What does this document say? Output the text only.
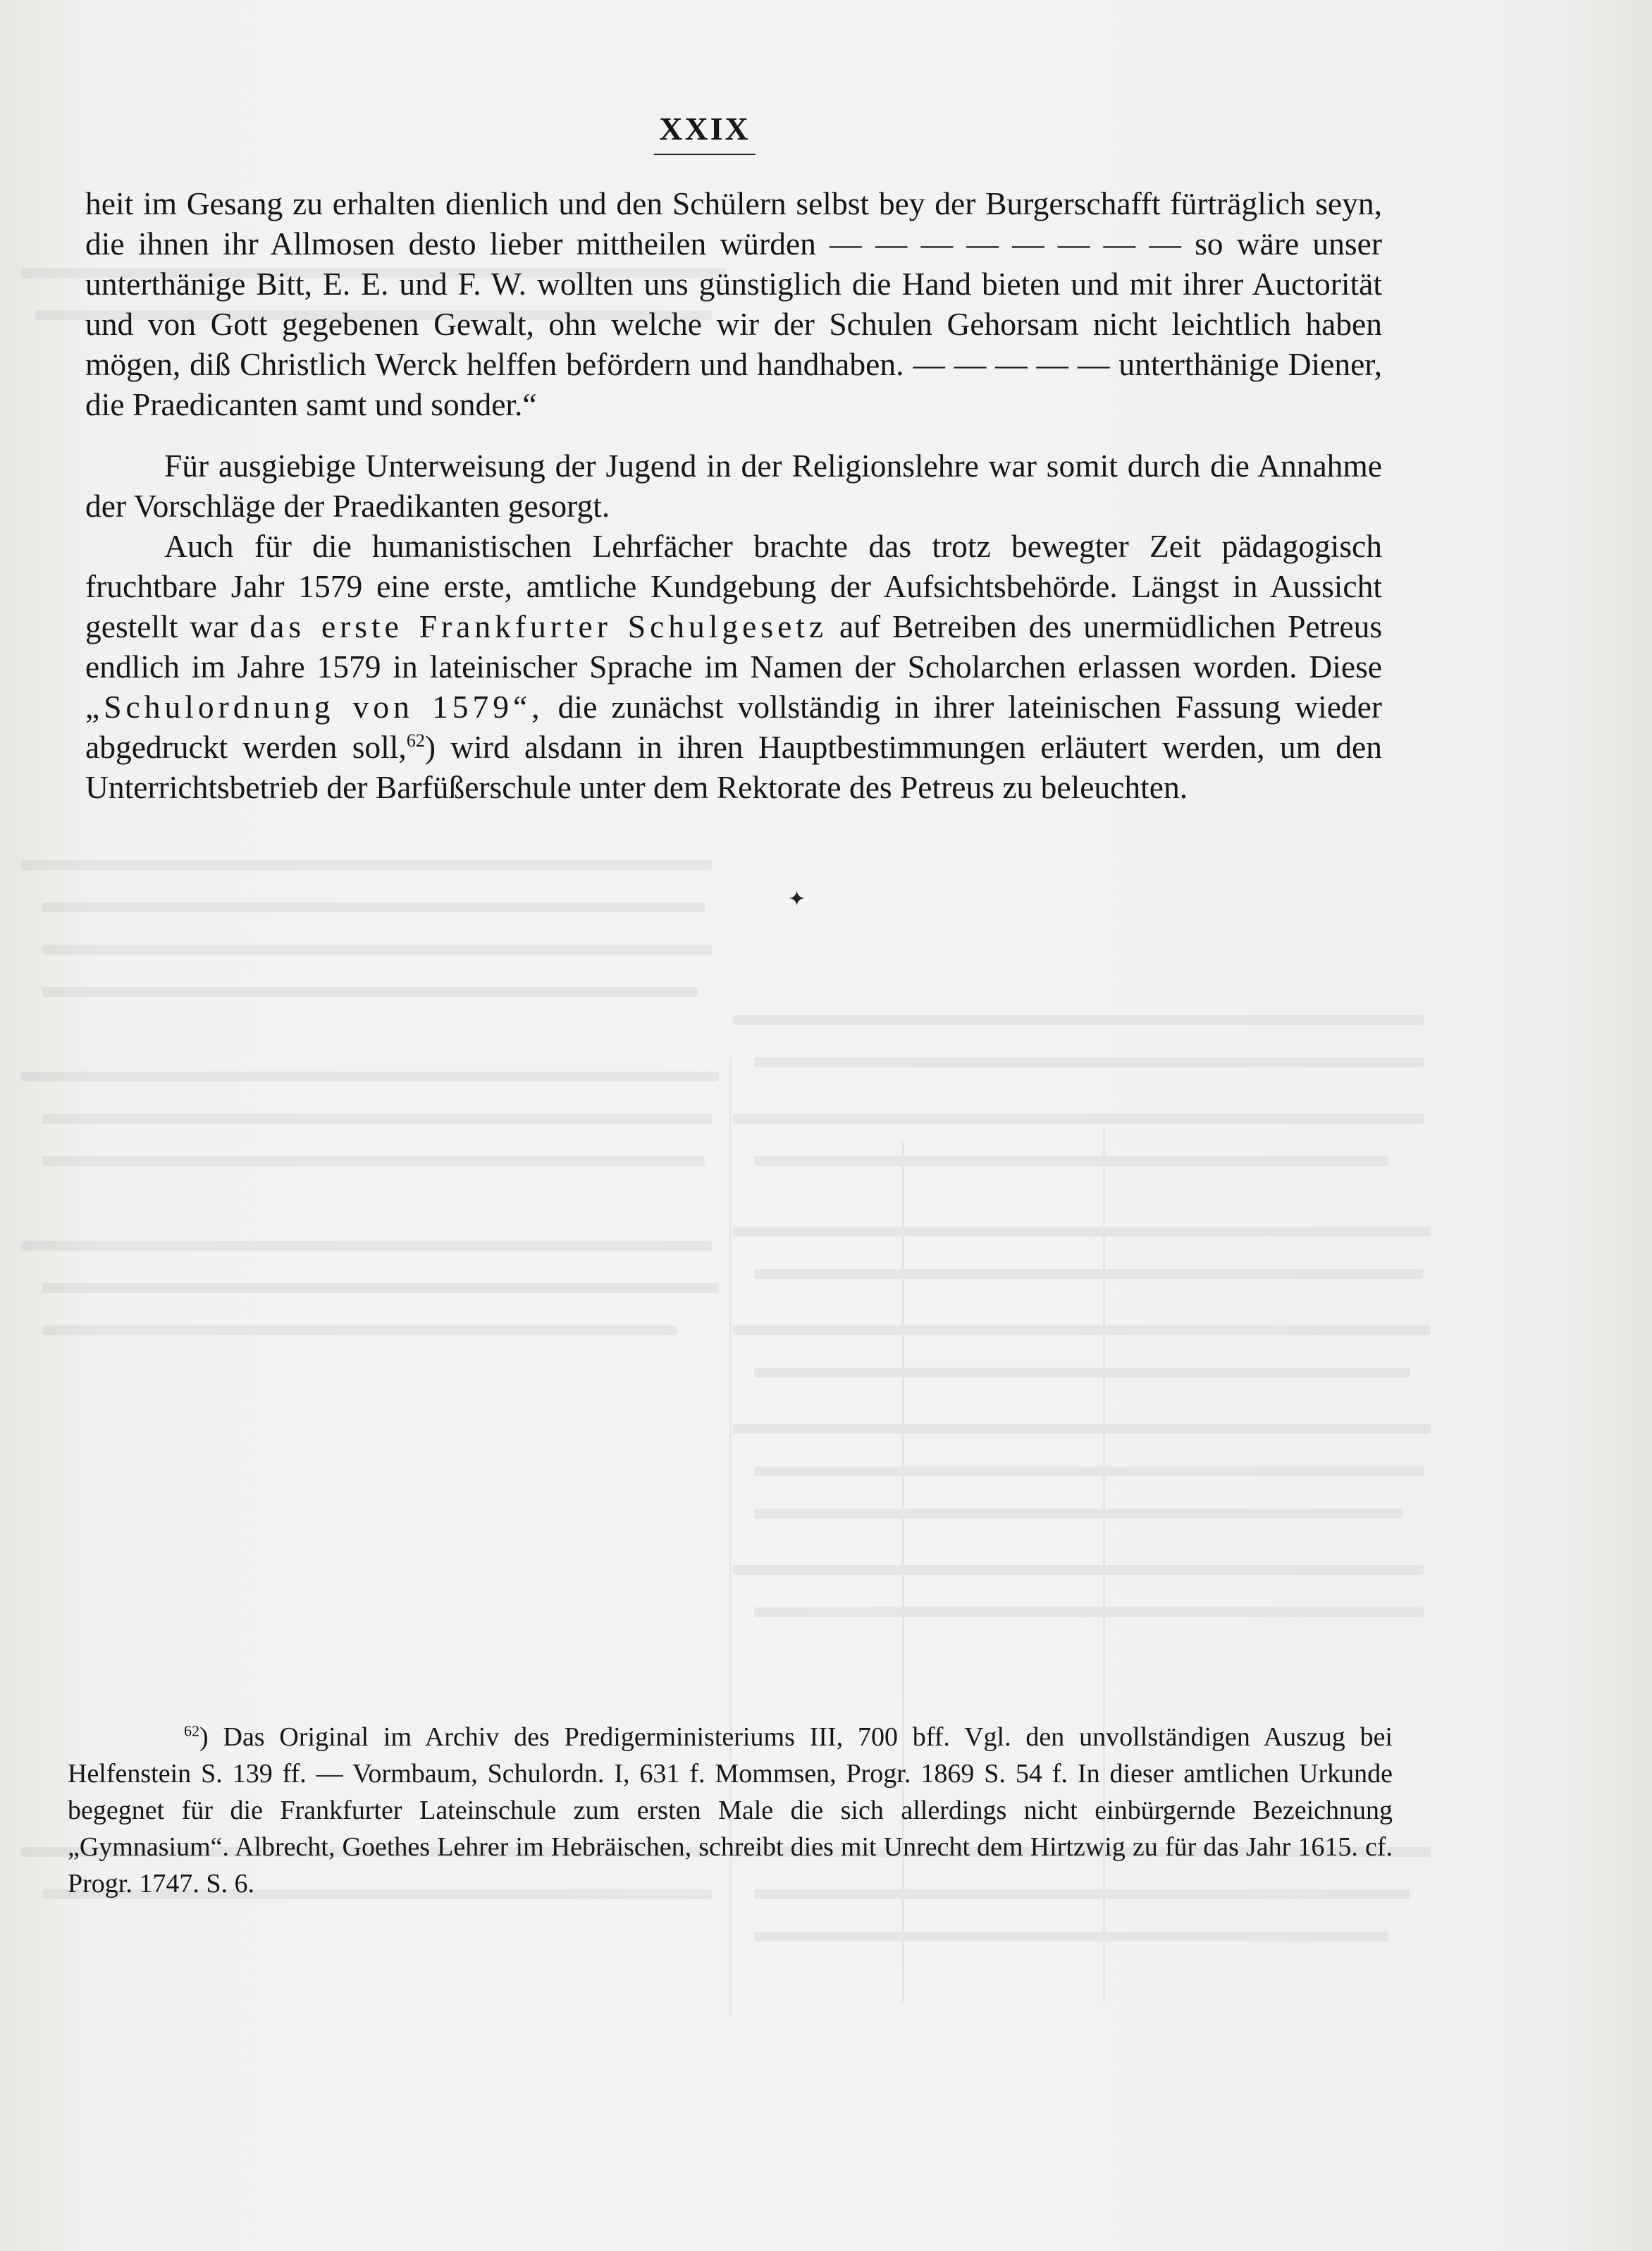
XXIX

heit im Gesang zu erhalten dienlich und den Schülern selbst bey der Burgerschafft fürträglich seyn, die ihnen ihr Allmosen desto lieber mittheilen würden — — — — — — — — so wäre unser unterthänige Bitt, E. E. und F. W. wollten uns günstiglich die Hand bieten und mit ihrer Auctorität und von Gott gegebenen Gewalt, ohn welche wir der Schulen Gehorsam nicht leichtlich haben mögen, diß Christlich Werck helffen befördern und handhaben. — — — — — unterthänige Diener, die Praedicanten samt und sonder.“

Für ausgiebige Unterweisung der Jugend in der Religionslehre war somit durch die Annahme der Vorschläge der Praedikanten gesorgt.

Auch für die humanistischen Lehrfächer brachte das trotz bewegter Zeit pädagogisch fruchtbare Jahr 1579 eine erste, amtliche Kundgebung der Aufsichtsbehörde. Längst in Aussicht gestellt war das erste Frankfurter Schulgesetz auf Betreiben des unermüdlichen Petreus endlich im Jahre 1579 in lateinischer Sprache im Namen der Scholarchen erlassen worden. Diese „Schulordnung von 1579“, die zunächst vollständig in ihrer lateinischen Fassung wieder abgedruckt werden soll,$^{62}$) wird alsdann in ihren Hauptbestimmungen erläutert werden, um den Unterrichtsbetrieb der Barfüßerschule unter dem Rektorate des Petreus zu beleuchten.

✦
$^{62}$) Das Original im Archiv des Predigerministeriums III, 700 bff. Vgl. den unvollständigen Auszug bei Helfenstein S. 139 ff. — Vormbaum, Schulordn. I, 631 f. Mommsen, Progr. 1869 S. 54 f. In dieser amtlichen Urkunde begegnet für die Frankfurter Lateinschule zum ersten Male die sich allerdings nicht einbürgernde Bezeichnung „Gymnasium“. Albrecht, Goethes Lehrer im Hebräischen, schreibt dies mit Unrecht dem Hirtzwig zu für das Jahr 1615. cf. Progr. 1747. S. 6.
